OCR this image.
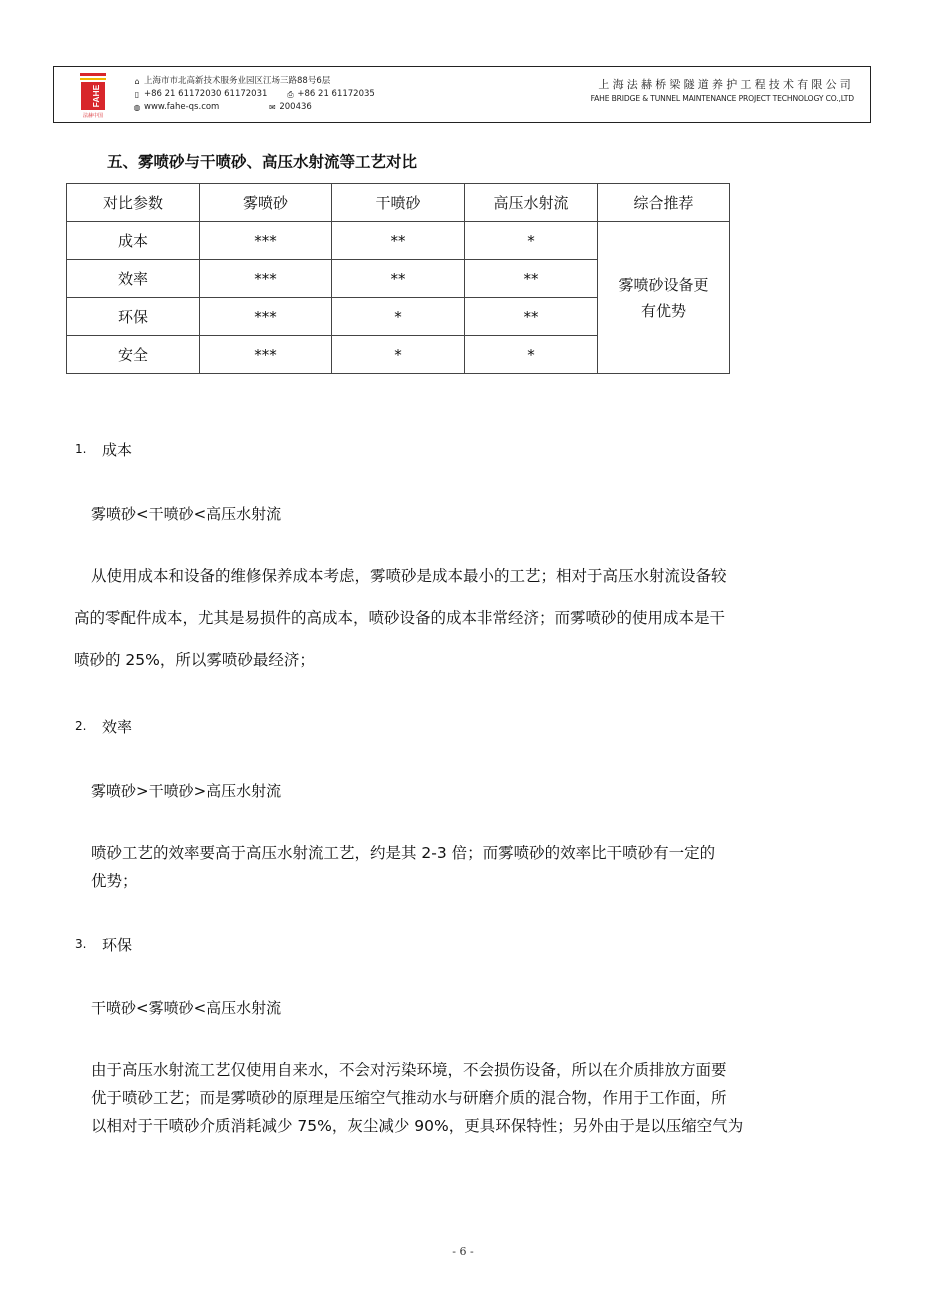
FAHE
法赫中国
⌂ 上海市市北高新技术服务业园区江场三路88号6层
▯ +86 21 61172030 61172031 ⎙ +86 21 61172035
◍ www.fahe-qs.com	✉ 200436
上海法赫桥梁隧道养护工程技术有限公司
FAHE BRIDGE & TUNNEL MAINTENANCE PROJECT TECHNOLOGY CO.,LTD
五、雾喷砂与干喷砂、高压水射流等工艺对比
对比参数	雾喷砂	干喷砂	高压水射流	综合推荐
成本	***	**	*	雾喷砂设备更
有优势

效率	***	**	**	
环保	***	*	**	
安全	***	*	*	
1. 成本
雾喷砂<干喷砂<高压水射流
从使用成本和设备的维修保养成本考虑，雾喷砂是成本最小的工艺；相对于高压水射流设备较
高的零配件成本，尤其是易损件的高成本，喷砂设备的成本非常经济；而雾喷砂的使用成本是干
喷砂的 25%，所以雾喷砂最经济；
2. 效率
雾喷砂>干喷砂>高压水射流
喷砂工艺的效率要高于高压水射流工艺，约是其 2-3 倍；而雾喷砂的效率比干喷砂有一定的
优势；
3. 环保
干喷砂<雾喷砂<高压水射流
由于高压水射流工艺仅使用自来水，不会对污染环境，不会损伤设备，所以在介质排放方面要
优于喷砂工艺；而是雾喷砂的原理是压缩空气推动水与研磨介质的混合物，作用于工作面，所
以相对于干喷砂介质消耗减少 75%，灰尘减少 90%，更具环保特性；另外由于是以压缩空气为
- 6 -
